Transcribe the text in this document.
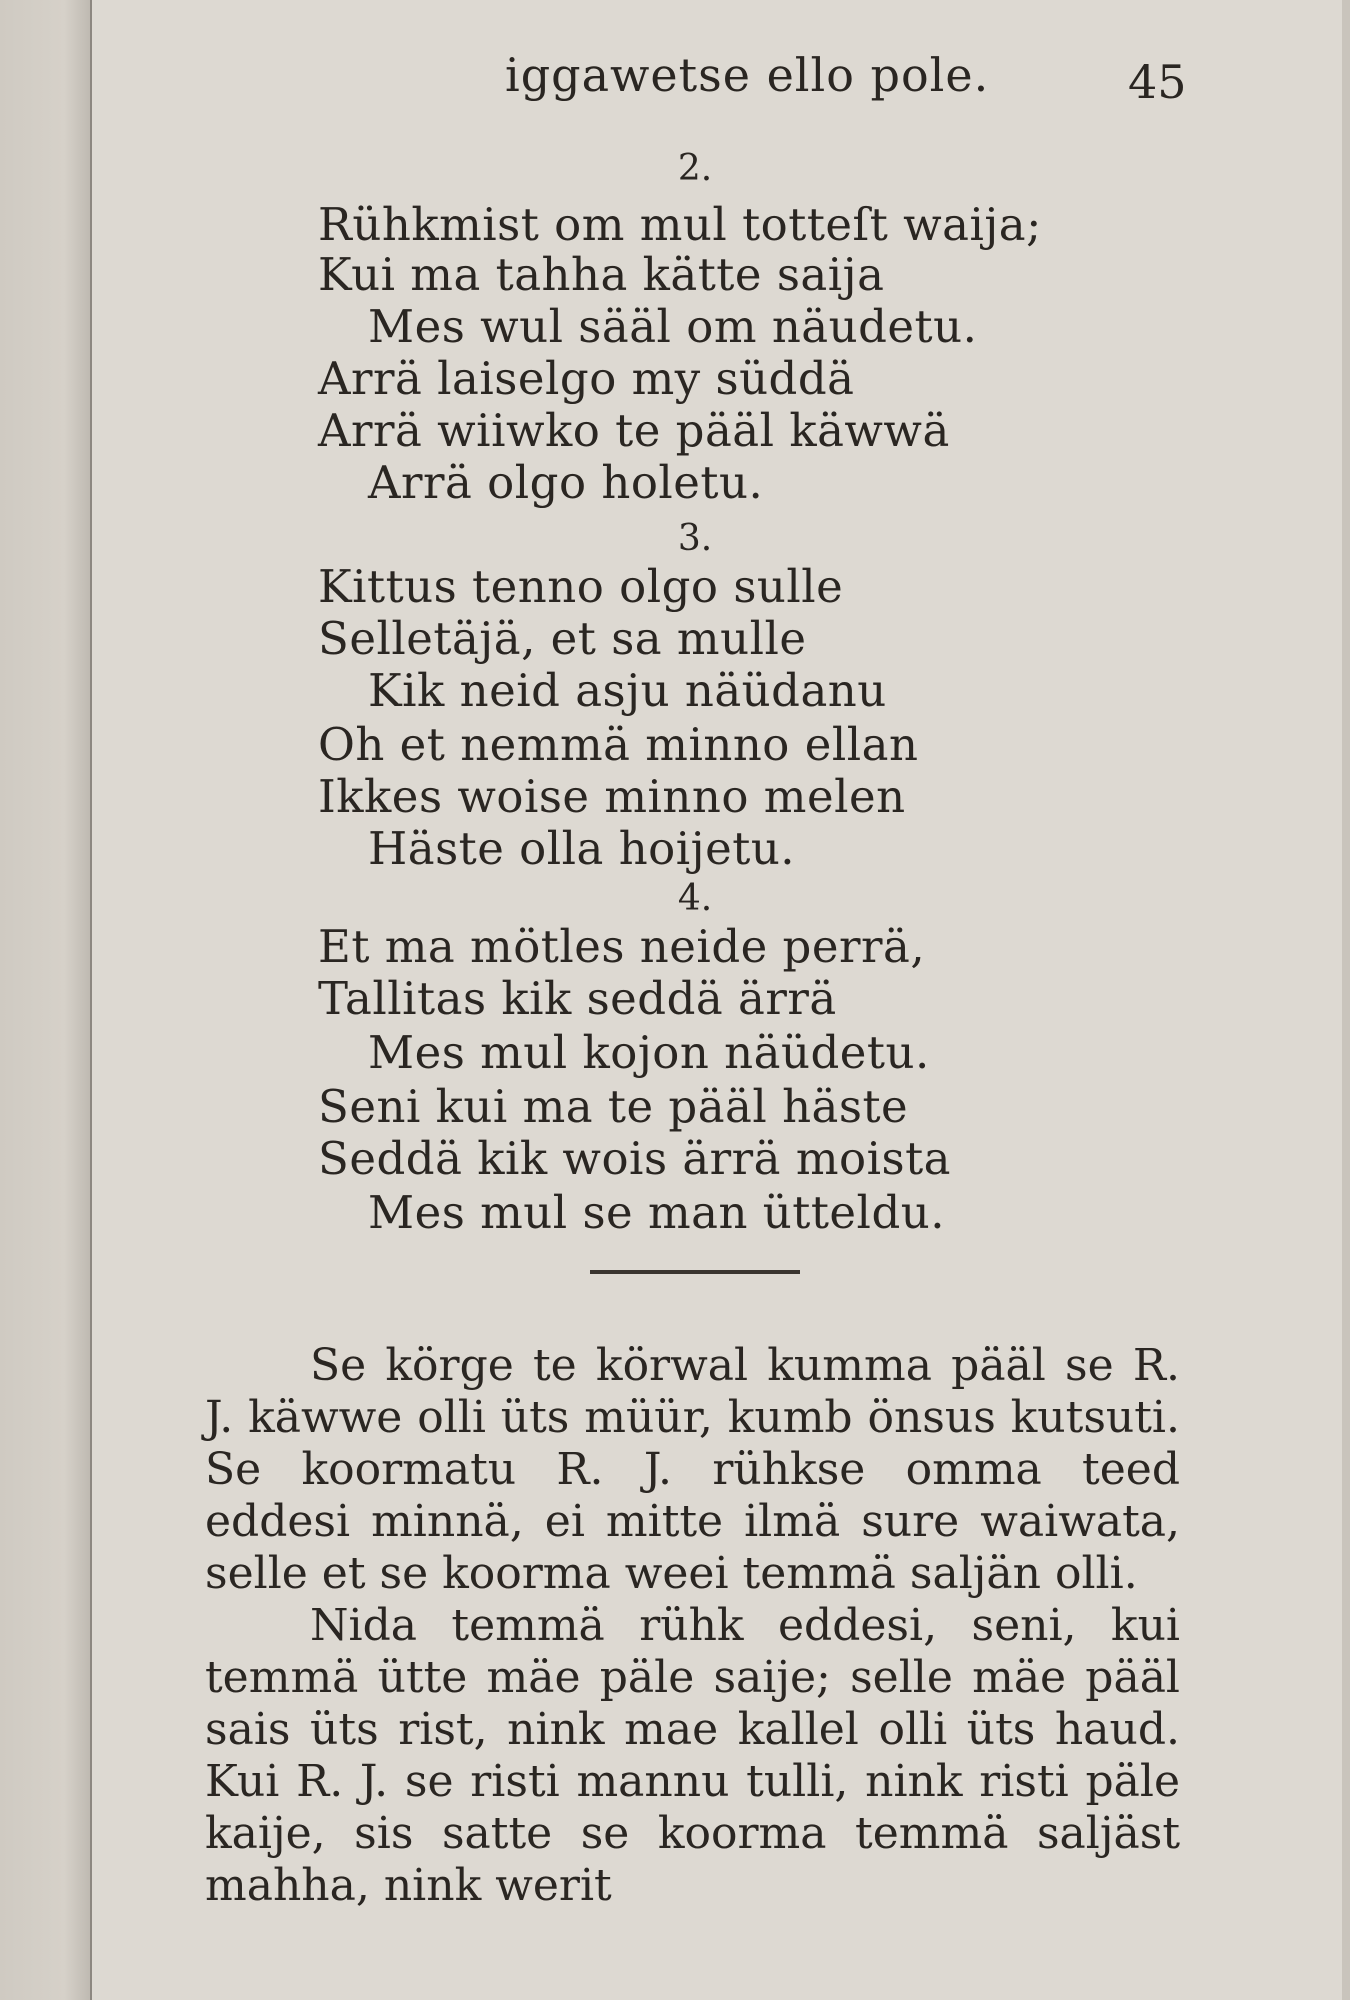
iggawetse ello pole.	45
2.
Rühkmist om mul totteſt waija;
Kui ma tahha kätte saija
Mes wul sääl om näudetu.
Arrä laiselgo my süddä
Arrä wiiwko te pääl käwwä
Arrä olgo holetu.
3.
Kittus tenno olgo sulle
Selletäjä, et sa mulle
Kik neid asju näüdanu
Oh et nemmä minno ellan
Ikkes woise minno melen
Häste olla hoijetu.
4.
Et ma mötles neide perrä,
Tallitas kik seddä ärrä
Mes mul kojon näüdetu.
Seni kui ma te pääl häste
Seddä kik wois ärrä moista
Mes mul se man ütteldu.

Se körge te körwal kumma pääl se R. J. käwwe olli üts müür, kumb önsus kutsuti. Se koormatu R. J. rühkse omma teed eddesi minnä, ei mitte ilmä sure waiwata, selle et se koorma weei temmä saljän olli.

Nida temmä rühk eddesi, seni, kui temmä ütte mäe päle saije; selle mäe pääl sais üts rist, nink mae kallel olli üts haud. Kui R. J. se risti mannu tulli, nink risti päle kaije, sis satte se koorma temmä saljäst mahha, nink werit
